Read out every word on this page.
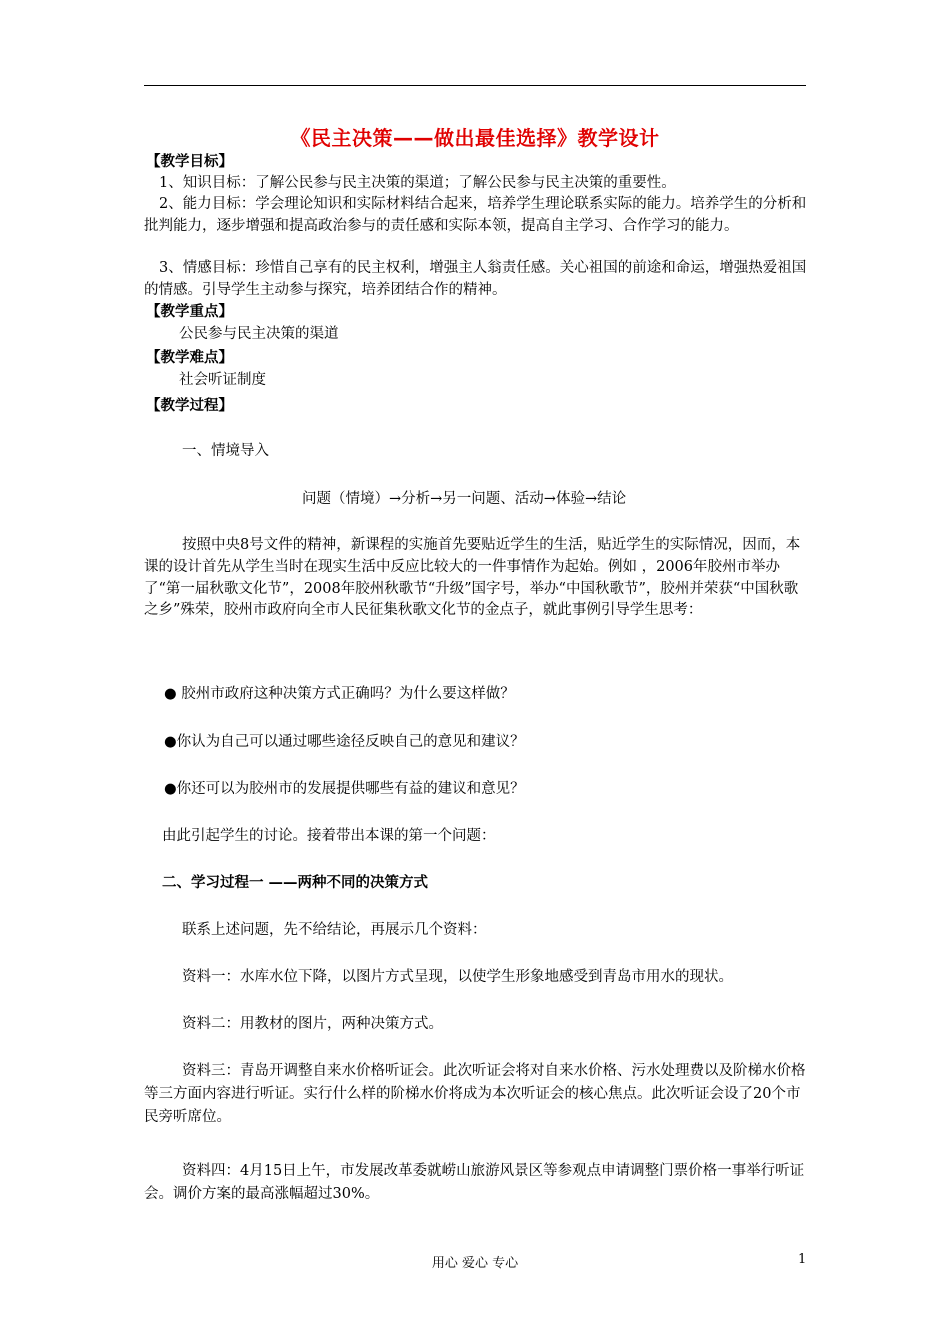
《民主决策——做出最佳选择》教学设计
【教学目标】
1、知识目标：了解公民参与民主决策的渠道；了解公民参与民主决策的重要性。
2、能力目标：学会理论知识和实际材料结合起来，培养学生理论联系实际的能力。培养学生的分析和批判能力，逐步增强和提高政治参与的责任感和实际本领，提高自主学习、合作学习的能力。
3、情感目标：珍惜自己享有的民主权利，增强主人翁责任感。关心祖国的前途和命运，增强热爱祖国的情感。引导学生主动参与探究，培养团结合作的精神。
【教学重点】
公民参与民主决策的渠道
【教学难点】
社会听证制度
【教学过程】
一、情境导入
问题（情境）→分析→另一问题、活动→体验→结论
按照中央8号文件的精神，新课程的实施首先要贴近学生的生活，贴近学生的实际情况，因而，本课的设计首先从学生当时在现实生活中反应比较大的一件事情作为起始。例如 ，2006年胶州市举办了“第一届秋歌文化节”，2008年胶州秋歌节“升级”国字号，举办“中国秋歌节”，胶州并荣获“中国秋歌之乡”殊荣，胶州市政府向全市人民征集秋歌文化节的金点子，就此事例引导学生思考：
● 胶州市政府这种决策方式正确吗？为什么要这样做？
●你认为自己可以通过哪些途径反映自己的意见和建议？
●你还可以为胶州市的发展提供哪些有益的建议和意见？
由此引起学生的讨论。接着带出本课的第一个问题：
二、学习过程一 ——两种不同的决策方式
联系上述问题，先不给结论，再展示几个资料：
资料一：水库水位下降，以图片方式呈现，以使学生形象地感受到青岛市用水的现状。
资料二：用教材的图片，两种决策方式。
资料三：青岛开调整自来水价格听证会。此次听证会将对自来水价格、污水处理费以及阶梯水价格等三方面内容进行听证。实行什么样的阶梯水价将成为本次听证会的核心焦点。此次听证会设了20个市民旁听席位。
资料四：4月15日上午，市发展改革委就崂山旅游风景区等参观点申请调整门票价格一事举行听证会。调价方案的最高涨幅超过30%。
用心 爱心 专心	1
